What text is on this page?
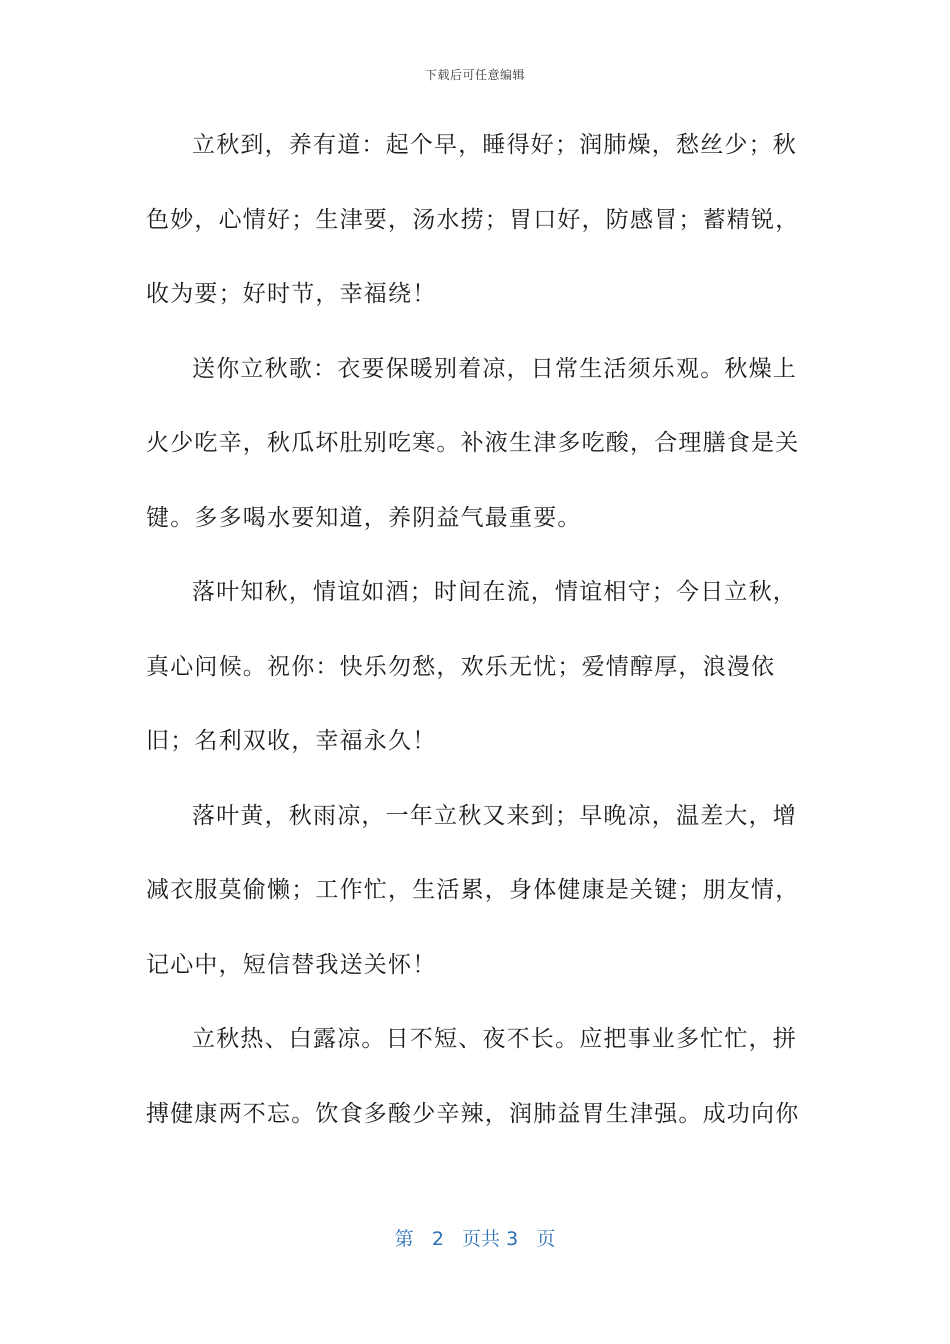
下载后可任意编辑

立秋到，养有道：起个早，睡得好；润肺燥，愁丝少；秋色妙，心情好；生津要，汤水捞；胃口好，防感冒；蓄精锐，收为要；好时节，幸福绕！

送你立秋歌：衣要保暖别着凉，日常生活须乐观。秋燥上火少吃辛，秋瓜坏肚别吃寒。补液生津多吃酸，合理膳食是关键。多多喝水要知道，养阴益气最重要。

落叶知秋，情谊如酒；时间在流，情谊相守；今日立秋，真心问候。祝你：快乐勿愁，欢乐无忧；爱情醇厚，浪漫依旧；名利双收，幸福永久！

落叶黄，秋雨凉，一年立秋又来到；早晚凉，温差大，增减衣服莫偷懒；工作忙，生活累，身体健康是关键；朋友情，记心中，短信替我送关怀！

立秋热、白露凉。日不短、夜不长。应把事业多忙忙，拼搏健康两不忘。饮食多酸少辛辣，润肺益胃生津强。成功向你

第 2 页共 3 页
